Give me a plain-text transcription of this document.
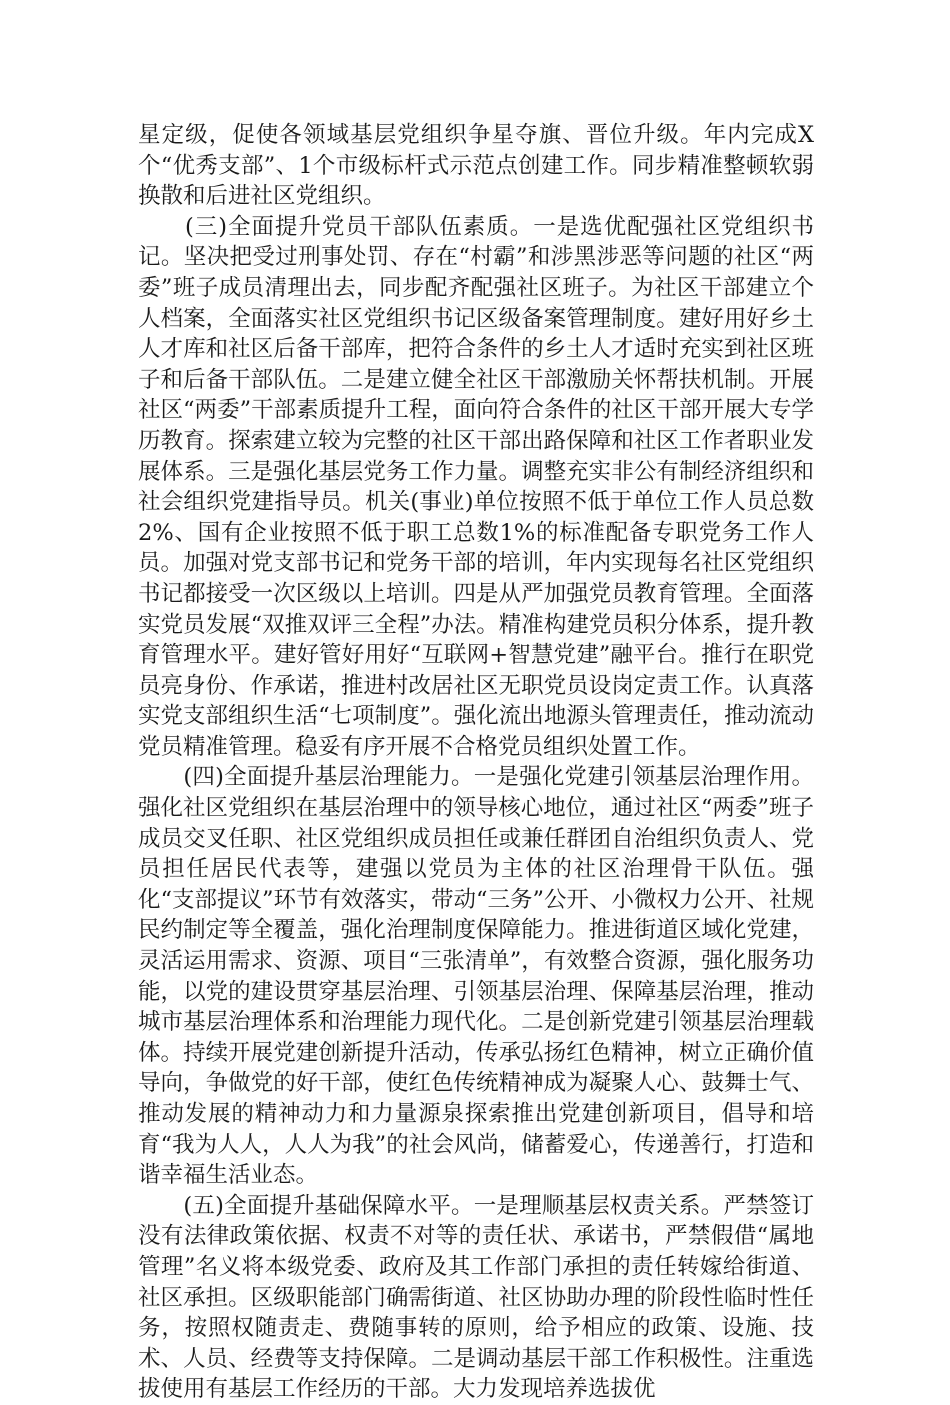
星定级，促使各领域基层党组织争星夺旗、晋位升级。年内完成X个“优秀支部”、1个市级标杆式示范点创建工作。同步精准整顿软弱换散和后进社区党组织。

　　(三)全面提升党员干部队伍素质。一是选优配强社区党组织书记。坚决把受过刑事处罚、存在“村霸”和涉黑涉恶等问题的社区“两委”班子成员清理出去，同步配齐配强社区班子。为社区干部建立个人档案，全面落实社区党组织书记区级备案管理制度。建好用好乡土人才库和社区后备干部库，把符合条件的乡土人才适时充实到社区班子和后备干部队伍。二是建立健全社区干部激励关怀帮扶机制。开展社区“两委”干部素质提升工程，面向符合条件的社区干部开展大专学历教育。探索建立较为完整的社区干部出路保障和社区工作者职业发展体系。三是强化基层党务工作力量。调整充实非公有制经济组织和社会组织党建指导员。机关(事业)单位按照不低于单位工作人员总数2%、国有企业按照不低于职工总数1%的标准配备专职党务工作人员。加强对党支部书记和党务干部的培训，年内实现每名社区党组织书记都接受一次区级以上培训。四是从严加强党员教育管理。全面落实党员发展“双推双评三全程”办法。精准构建党员积分体系，提升教育管理水平。建好管好用好“互联网+智慧党建”融平台。推行在职党员亮身份、作承诺，推进村改居社区无职党员设岗定责工作。认真落实党支部组织生活“七项制度”。强化流出地源头管理责任，推动流动党员精准管理。稳妥有序开展不合格党员组织处置工作。

　　(四)全面提升基层治理能力。一是强化党建引领基层治理作用。强化社区党组织在基层治理中的领导核心地位，通过社区“两委”班子成员交叉任职、社区党组织成员担任或兼任群团自治组织负责人、党员担任居民代表等，建强以党员为主体的社区治理骨干队伍。强化“支部提议”环节有效落实，带动“三务”公开、小微权力公开、社规民约制定等全覆盖，强化治理制度保障能力。推进街道区域化党建，灵活运用需求、资源、项目“三张清单”，有效整合资源，强化服务功能，以党的建设贯穿基层治理、引领基层治理、保障基层治理，推动城市基层治理体系和治理能力现代化。二是创新党建引领基层治理载体。持续开展党建创新提升活动，传承弘扬红色精神，树立正确价值导向，争做党的好干部，使红色传统精神成为凝聚人心、鼓舞士气、推动发展的精神动力和力量源泉探索推出党建创新项目，倡导和培育“我为人人，人人为我”的社会风尚，储蓄爱心，传递善行，打造和谐幸福生活业态。

　　(五)全面提升基础保障水平。一是理顺基层权责关系。严禁签订没有法律政策依据、权责不对等的责任状、承诺书，严禁假借“属地管理”名义将本级党委、政府及其工作部门承担的责任转嫁给街道、社区承担。区级职能部门确需街道、社区协助办理的阶段性临时性任务，按照权随责走、费随事转的原则，给予相应的政策、设施、技术、人员、经费等支持保障。二是调动基层干部工作积极性。注重选拔使用有基层工作经历的干部。大力发现培养选拔优
